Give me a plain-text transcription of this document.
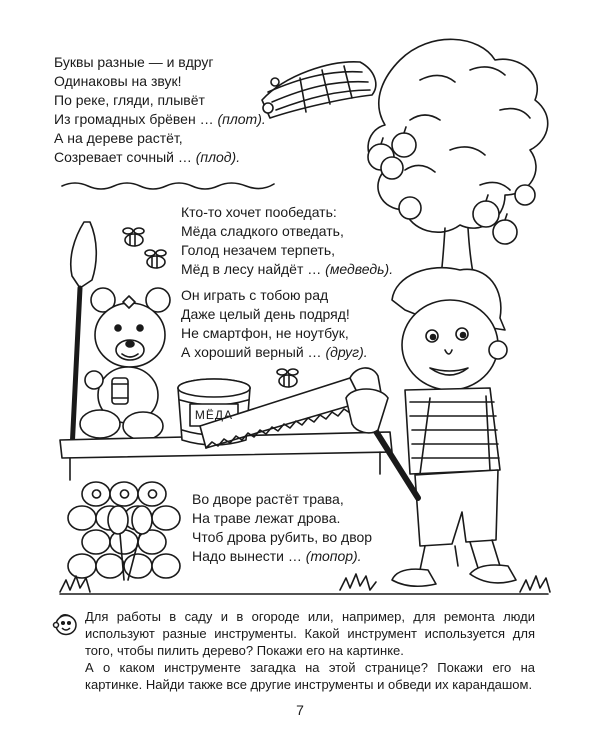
Буквы разные — и вдруг
Одинаковы на звук!
По реке, гляди, плывёт
Из громадных брёвен … (плот).
А на дереве растёт,
Созревает сочный … (плод).
Кто-то хочет пообедать:
Мёда сладкого отведать,
Голод незачем терпеть,
Мёд в лесу найдёт … (медведь).
Он играть с тобою рад
Даже целый день подряд!
Не смартфон, не ноутбук,
А хороший верный … (друг).
Во дворе растёт трава,
На траве лежат дрова.
Чтоб дрова рубить, во двор
Надо вынести … (топор).
МЁДА

Для работы в саду и в огороде или, например, для ремонта люди используют разные инструменты. Какой инструмент используется для того, чтобы пилить дерево? Покажи его на картинке.

А о каком инструменте загадка на этой странице? Покажи его на картинке. Найди также все другие инструменты и обведи их карандашом.

7
